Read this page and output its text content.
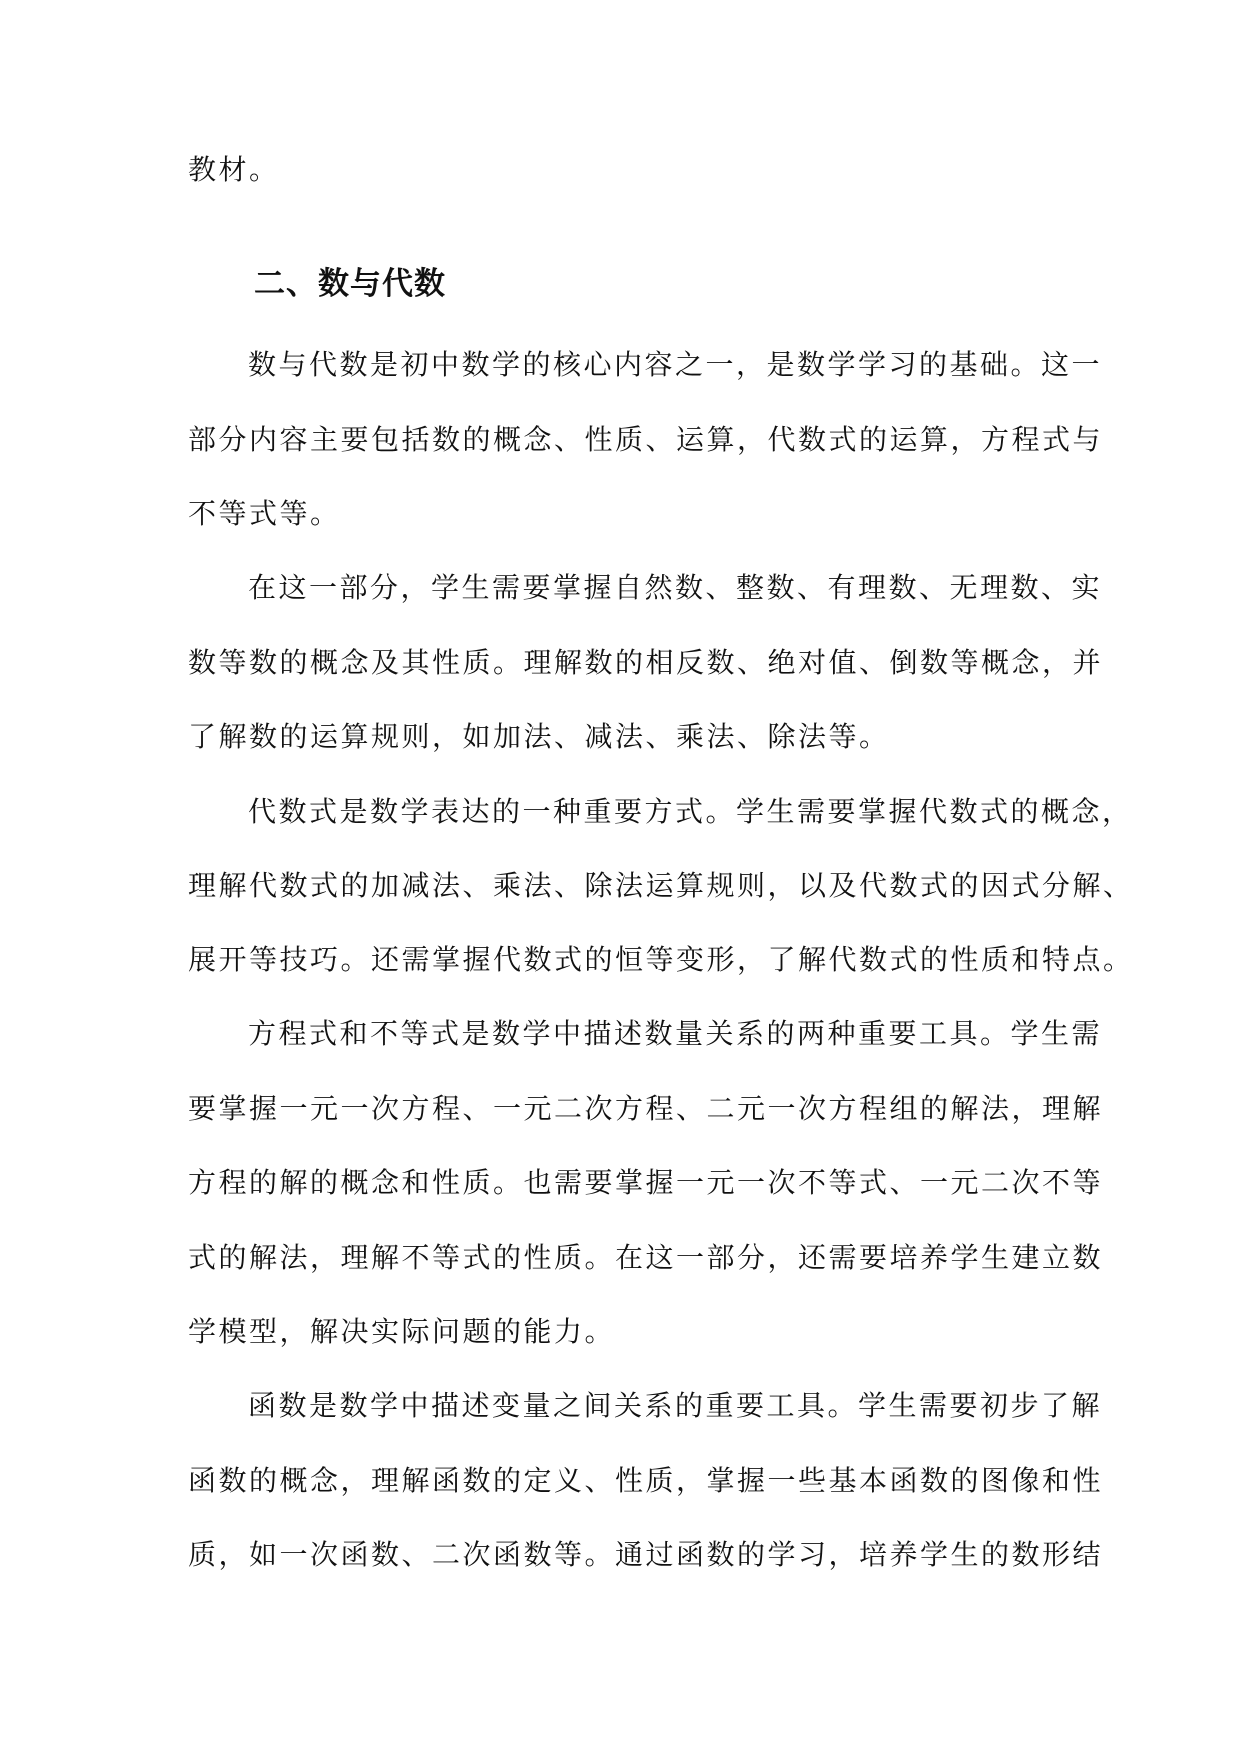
教材。
二、数与代数
数与代数是初中数学的核心内容之一，是数学学习的基础。这一
部分内容主要包括数的概念、性质、运算，代数式的运算，方程式与
不等式等。
在这一部分，学生需要掌握自然数、整数、有理数、无理数、实
数等数的概念及其性质。理解数的相反数、绝对值、倒数等概念，并
了解数的运算规则，如加法、减法、乘法、除法等。
代数式是数学表达的一种重要方式。学生需要掌握代数式的概念，
理解代数式的加减法、乘法、除法运算规则，以及代数式的因式分解、
展开等技巧。还需掌握代数式的恒等变形，了解代数式的性质和特点。
方程式和不等式是数学中描述数量关系的两种重要工具。学生需
要掌握一元一次方程、一元二次方程、二元一次方程组的解法，理解
方程的解的概念和性质。也需要掌握一元一次不等式、一元二次不等
式的解法，理解不等式的性质。在这一部分，还需要培养学生建立数
学模型，解决实际问题的能力。
函数是数学中描述变量之间关系的重要工具。学生需要初步了解
函数的概念，理解函数的定义、性质，掌握一些基本函数的图像和性
质，如一次函数、二次函数等。通过函数的学习，培养学生的数形结
